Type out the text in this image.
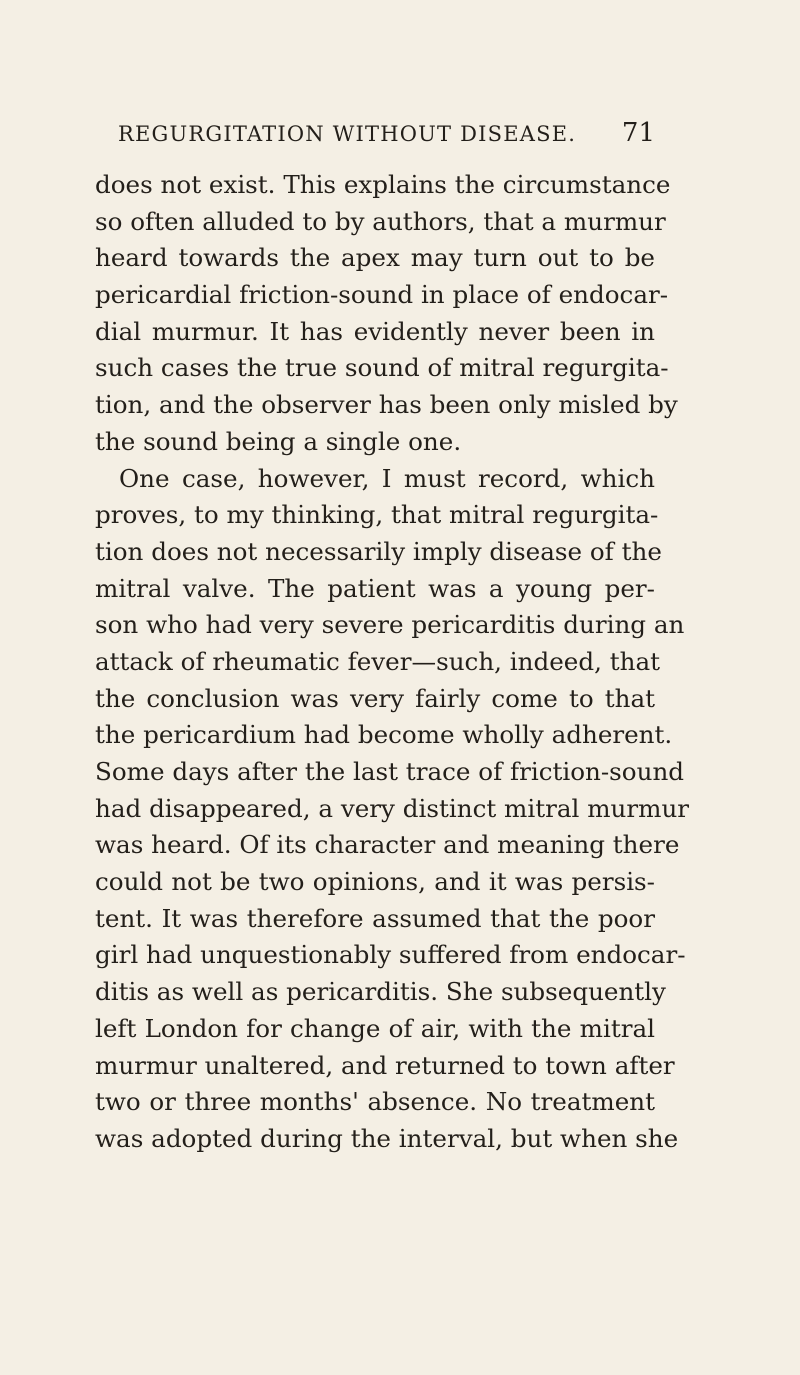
REGURGITATION WITHOUT DISEASE. 71
does not exist. This explains the circumstance
so often alluded to by authors, that a murmur
heard towards the apex may turn out to be
pericardial friction-sound in place of endocar-
dial murmur. It has evidently never been in
such cases the true sound of mitral regurgita-
tion, and the observer has been only misled by
the sound being a single one.
One case, however, I must record, which
proves, to my thinking, that mitral regurgita-
tion does not necessarily imply disease of the
mitral valve. The patient was a young per-
son who had very severe pericarditis during an
attack of rheumatic fever—such, indeed, that
the conclusion was very fairly come to that
the pericardium had become wholly adherent.
Some days after the last trace of friction-sound
had disappeared, a very distinct mitral murmur
was heard. Of its character and meaning there
could not be two opinions, and it was persis-
tent. It was therefore assumed that the poor
girl had unquestionably suffered from endocar-
ditis as well as pericarditis. She subsequently
left London for change of air, with the mitral
murmur unaltered, and returned to town after
two or three months' absence. No treatment
was adopted during the interval, but when she
